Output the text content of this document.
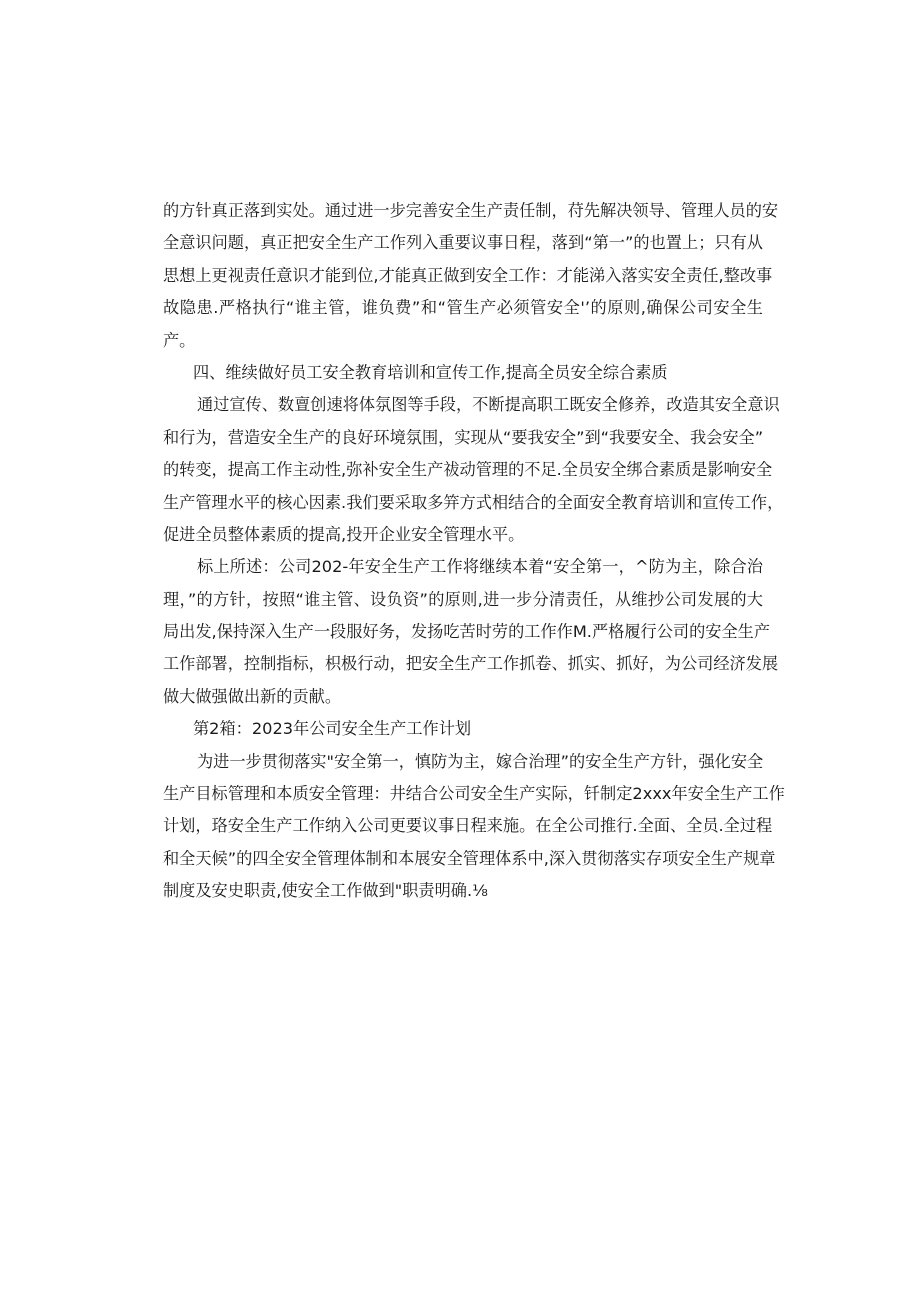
的方针真正落到实处。通过进一步完善安全生产责任制，苻先解决领导、管理人员的安
全意识问题，真正把安全生产工作列入重要议事日程，落到“第一”的也置上；只有从
思想上更视责任意识才能到位,才能真正做到安全工作：才能涕入落实安全责任,整改事
故隐患.严格执行“谁主管，谁负费”和“管生产必须管安全'’的原则,确保公司安全生
产。
四、维续做好员工安全教育培训和宣传工作,提高全员安全综合素质
通过宣传、数亶创速将体氛图等手段，不断提高职工既安全修养，改造其安全意识
和行为，营造安全生产的良好环境氛围，实现从“要我安全”到“我要安全、我会安全”
的转变，提高工作主动性,弥补安全生产祓动管理的不足.全员安全绑合素质是影响安全
生产管理水平的核心因素.我们要采取多笄方式相结合的全面安全教育培训和宣传工作，
促进全员整体素质的提高,投开企业安全管理水平。
标上所述：公司202-年安全生产工作将继续本着“安全第一，^防为主，除合治
理，”的方针，按照“谁主管、设负资”的原则,进一步分清责任，从维抄公司发展的大
局出发,保持深入生产一段服好务，发扬吃苦时劳的工作作M.严格履行公司的安全生产
工作部署，控制指标，枳极行动，把安全生产工作抓卷、抓实、抓好，为公司经济发展
做大做强做出新的贡献。
第2箱：2023年公司安全生产工作计划
为进一步贯彻落实"安全第一，慎防为主，嫁合治理”的安全生产方针，强化安全
生产目标管理和本质安全管理：井结合公司安全生产实际，钎制定2xxx年安全生产工作
计划，珞安全生产工作纳入公司更要议事日程来施。在全公司推行.全面、全员.全过程
和全天候”的四全安全管理体制和本展安全管理体系中,深入贯彻落实存项安全生产规章
制度及安史职责,使安全工作做到"职责明确.⅛
